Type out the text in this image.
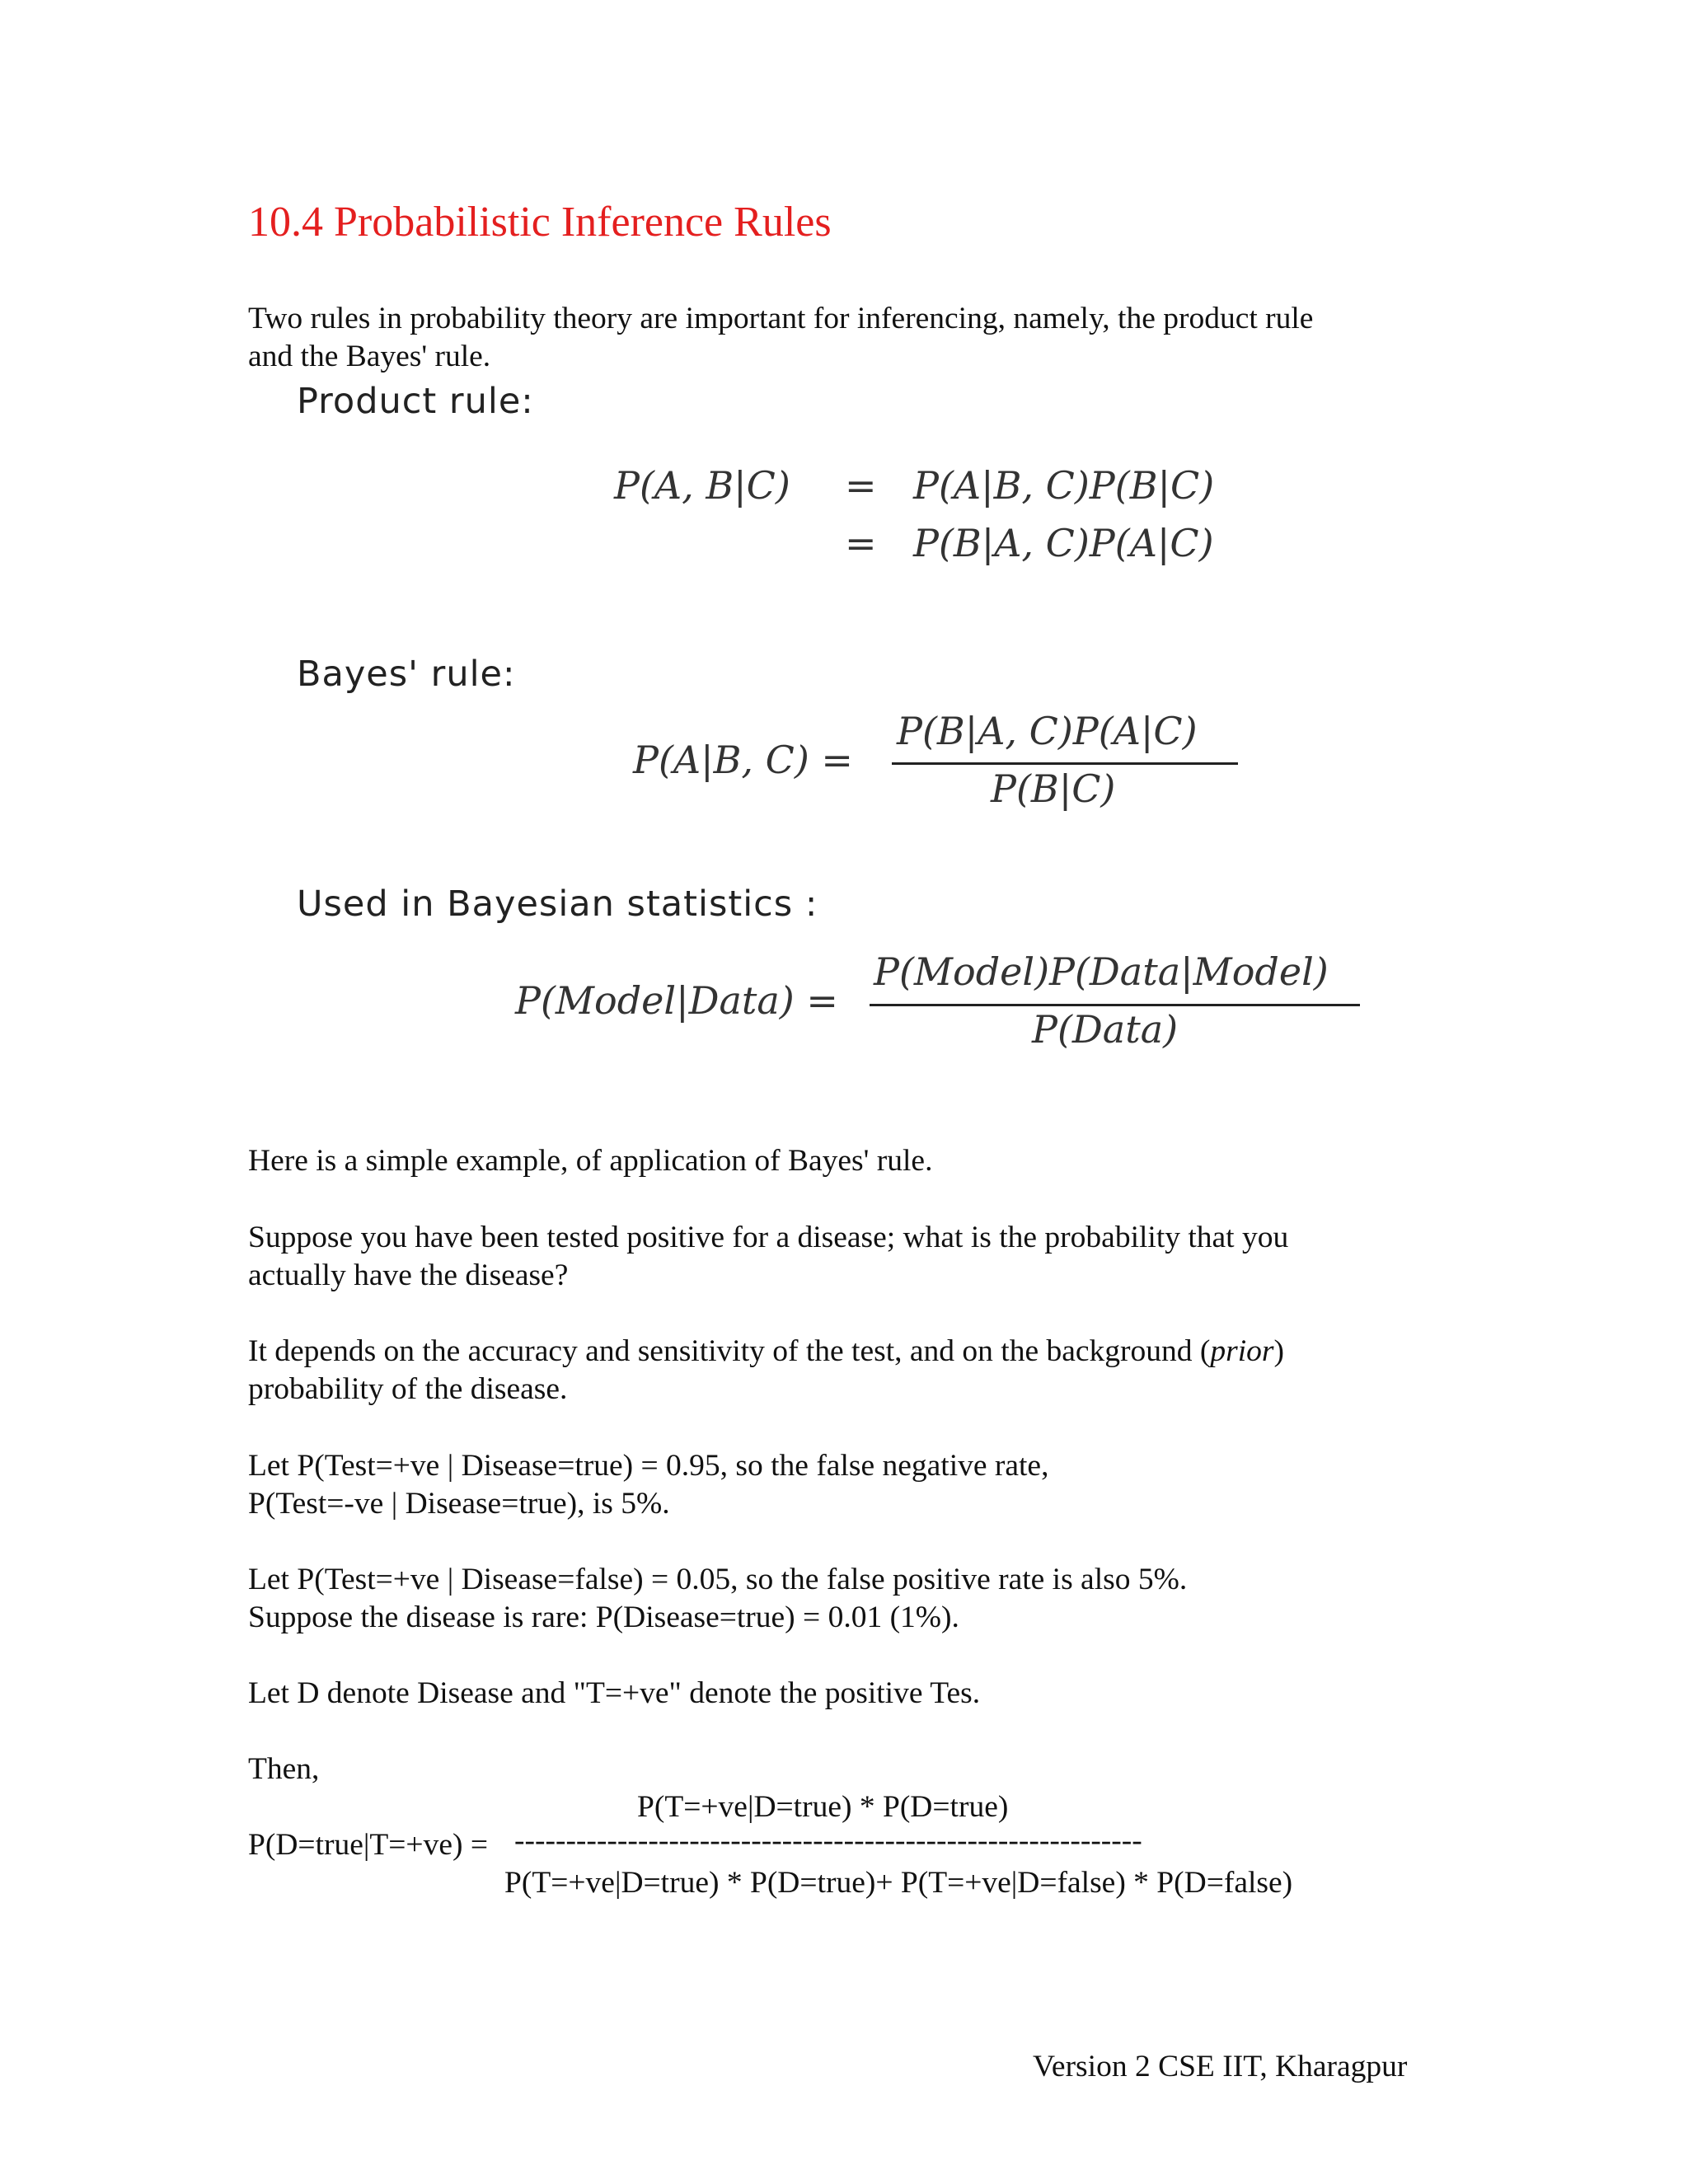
10.4 Probabilistic Inference Rules
Two rules in probability theory are important for inferencing, namely, the product rule
and the Bayes' rule.
Product rule:
P(A, B|C) = P(A|B, C)P(B|C)
= P(B|A, C)P(A|C)
Bayes' rule:
P(A|B, C) =
P(B|A, C)P(A|C)
P(B|C)
Used in Bayesian statistics :
P(Model|Data) =
P(Model)P(Data|Model)
P(Data)
Here is a simple example, of application of Bayes' rule.
Suppose you have been tested positive for a disease; what is the probability that you
actually have the disease?
It depends on the accuracy and sensitivity of the test, and on the background (prior)
probability of the disease.
Let P(Test=+ve | Disease=true) = 0.95, so the false negative rate,
P(Test=-ve | Disease=true), is 5%.
Let P(Test=+ve | Disease=false) = 0.05, so the false positive rate is also 5%.
Suppose the disease is rare: P(Disease=true) = 0.01 (1%).
Let D denote Disease and "T=+ve" denote the positive Tes.
Then,
P(T=+ve|D=true) * P(D=true)
P(D=true|T=+ve) = -------------------------------------------------------------
P(T=+ve|D=true) * P(D=true)+ P(T=+ve|D=false) * P(D=false)
Version 2 CSE IIT, Kharagpur
